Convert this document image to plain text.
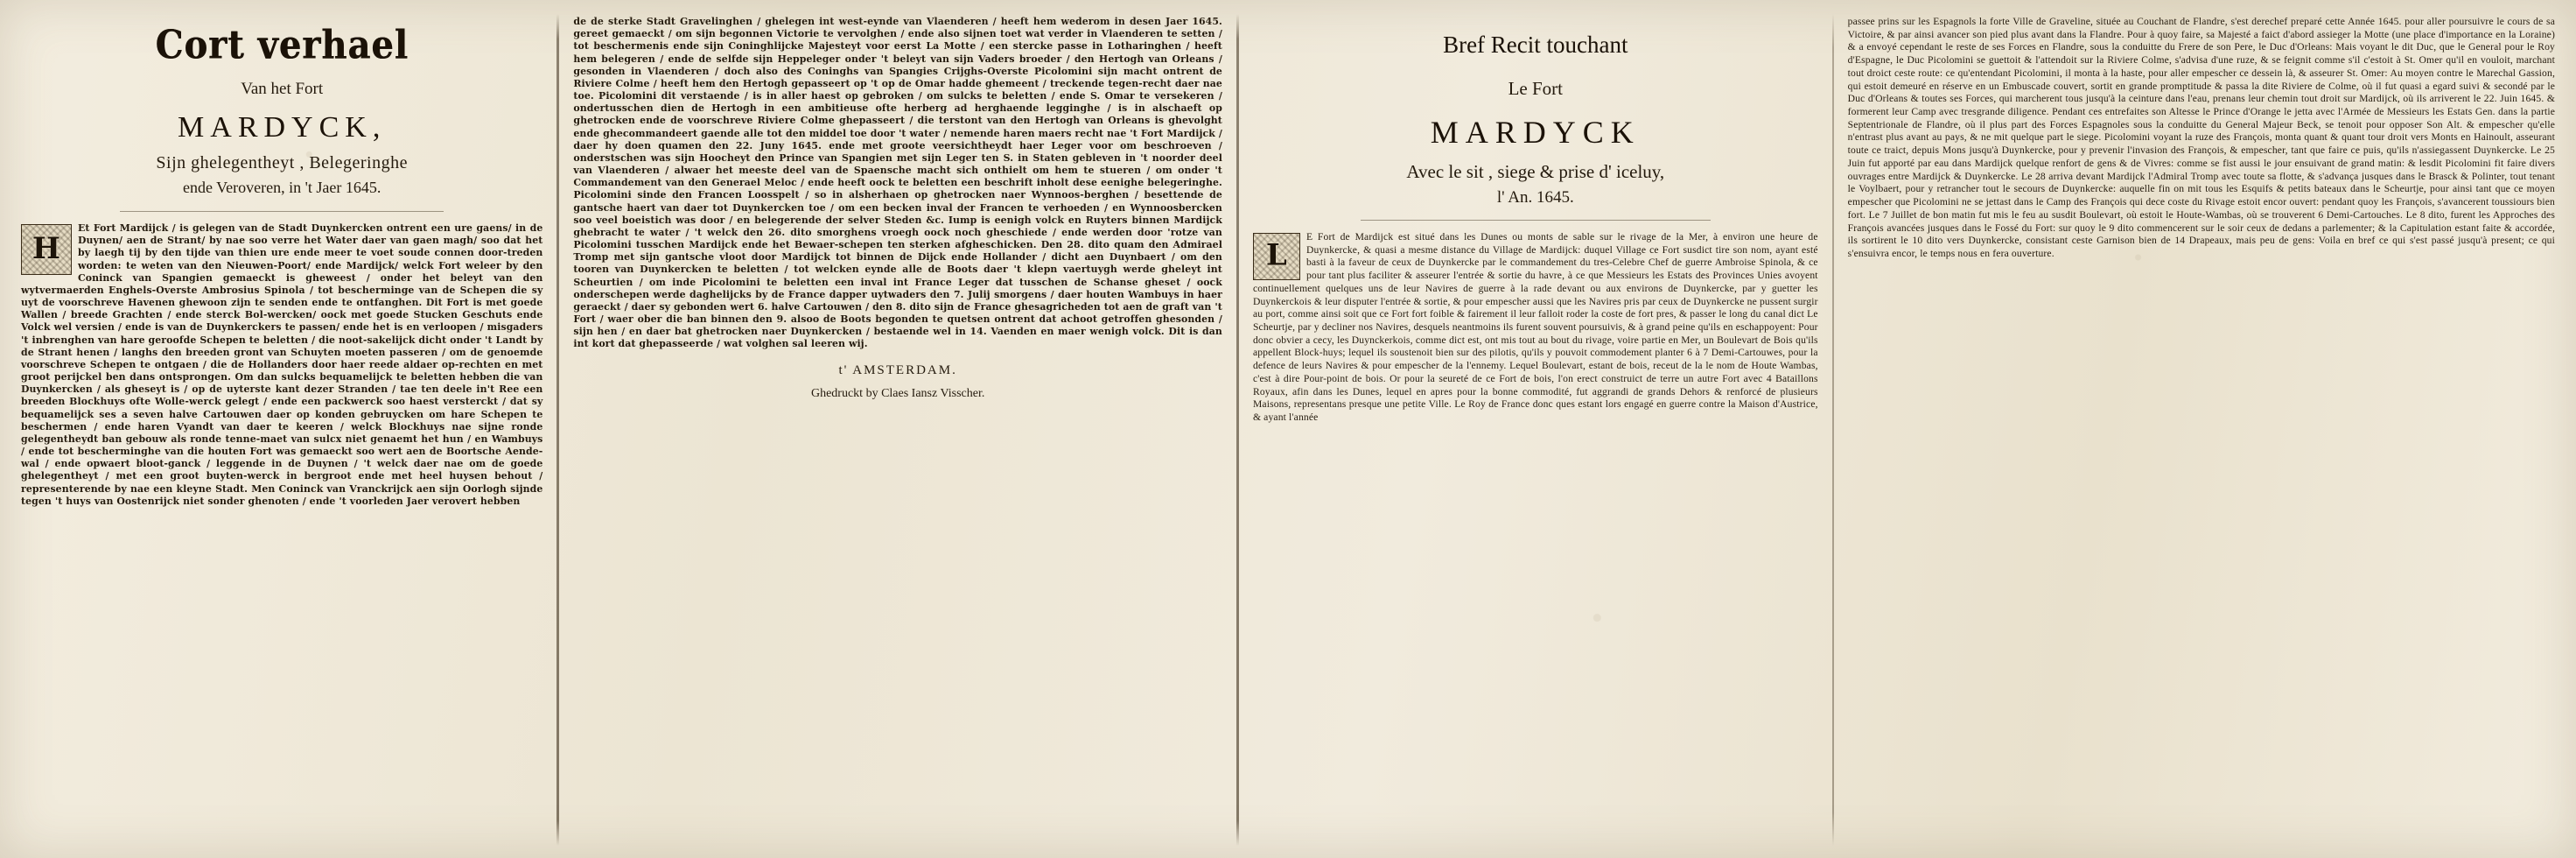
Cort verhael
Van het Fort
MARDYCK,
Sijn ghelegentheyt , Belegeringhe
ende Veroveren, in 't Jaer 1645.
H

Et Fort Mardijck / is gelegen van de Stadt Duynkercken ontrent een ure gaens/ in de Duynen/ aen de Strant/ by nae soo verre het Water daer van gaen magh/ soo dat het by laegh tij by den tijde van thien ure ende meer te voet soude connen door-treden worden: te weten van den Nieuwen-Poort/ ende Mardijck/ welck Fort weleer by den Coninck van Spangien gemaeckt is gheweest / onder het beleyt van den wytvermaerden Enghels-Overste Ambrosius Spinola / tot bescherminge van de Schepen die sy uyt de voorschreve Havenen ghewoon zijn te senden ende te ontfanghen. Dit Fort is met goede Wallen / breede Grachten / ende sterck Bol-wercken/ oock met goede Stucken Geschuts ende Volck wel versien / ende is van de Duynkerckers te passen/ ende het is en verloopen / misgaders 't inbrenghen van hare geroofde Schepen te beletten / die noot-sakelijck dicht onder 't Landt by de Strant henen / langhs den breeden gront van Schuyten moeten passeren / om de genoemde voorschreve Schepen te ontgaen / die de Hollanders door haer reede aldaer op-rechten en met groot perijckel ben dans ontsprongen. Om dan sulcks bequamelijck te beletten hebben die van Duynkercken / als gheseyt is / op de uyterste kant dezer Stranden / tae ten deele in't Ree een breeden Blockhuys ofte Wolle-werck gelegt / ende een packwerck soo haest versterckt / dat sy bequamelijck ses a seven halve Cartouwen daer op konden gebruycken om hare Schepen te beschermen / ende haren Vyandt van daer te keeren / welck Blockhuys nae sijne ronde gelegentheydt ban gebouw als ronde tenne-maet van sulcx niet genaemt het hun / en Wambuys / ende tot bescherminghe van die houten Fort was gemaeckt soo wert aen de Boortsche Aende-wal / ende opwaert bloot-ganck / leggende in de Duynen / 't welck daer nae om de goede ghelegentheyt / met een groot buyten-werck in bergroot ende met heel huysen behout / representerende by nae een kleyne Stadt. Men Coninck van Vranckrijck aen sijn Oorlogh sijnde tegen 't huys van Oostenrijck niet sonder ghenoten / ende 't voorleden Jaer verovert hebben

de de sterke Stadt Gravelinghen / ghelegen int west-eynde van Vlaenderen / heeft hem wederom in desen Jaer 1645. gereet gemaeckt / om sijn begonnen Victorie te vervolghen / ende also sijnen toet wat verder in Vlaenderen te setten / tot beschermenis ende sijn Coninghlijcke Majesteyt voor eerst La Motte / een stercke passe in Lotharinghen / heeft hem belegeren / ende de selfde sijn Heppeleger onder 't beleyt van sijn Vaders broeder / den Hertogh van Orleans / gesonden in Vlaenderen / doch also des Coninghs van Spangies Crijghs-Overste Picolomini sijn macht ontrent de Riviere Colme / heeft hem den Hertogh gepasseert op 't op de Omar hadde ghemeent / treckende tegen-recht daer nae toe. Picolomini dit verstaende / is in aller haest op gebroken / om sulcks te beletten / ende S. Omar te versekeren / ondertusschen dien de Hertogh in een ambitieuse ofte herberg ad herghaende legginghe / is in alschaeft op ghetrocken ende de voorschreve Riviere Colme ghepasseert / die terstont van den Hertogh van Orleans is ghevolght ende ghecommandeert gaende alle tot den middel toe door 't water / nemende haren maers recht nae 't Fort Mardijck / daer hy doen quamen den 22. Juny 1645. ende met groote veersichtheydt haer Leger voor om beschroeven / onderstschen was sijn Hoocheyt den Prince van Spangien met sijn Leger ten S. in Staten gebleven in 't noorder deel van Vlaenderen / alwaer het meeste deel van de Spaensche macht sich onthielt om hem te stueren / om onder 't Commandement van den Generael Meloc / ende heeft oock te beletten een beschrift inholt dese eenighe belegeringhe. Picolomini sinde den Francen Loosspelt / so in alsherhaen op ghetrocken naer Wynnoos-berghen / besettende de gantsche haert van daer tot Duynkercken toe / om een becken inval der Francen te verhoeden / en Wynnoosbercken soo veel boeistich was door / en belegerende der selver Steden &c. Iump is eenigh volck en Ruyters binnen Mardijck ghebracht te water / 't welck den 26. dito smorghens vroegh oock noch gheschiede / ende werden door 'rotze van Picolomini tusschen Mardijck ende het Bewaer-schepen ten sterken afgheschicken. Den 28. dito quam den Admirael Tromp met sijn gantsche vloot door Mardijck tot binnen de Dijck ende Hollander / dicht aen Duynbaert / om den tooren van Duynkercken te beletten / tot welcken eynde alle de Boots daer 't klepn vaertuygh werde gheleyt int Scheurtien / om inde Picolomini te beletten een inval int France Leger dat tusschen de Schanse gheset / oock onderschepen werde daghelijcks by de France dapper uytwaders den 7. Julij smorgens / daer houten Wambuys in haer geraeckt / daer sy gebonden wert 6. halve Cartouwen / den 8. dito sijn de France ghesagricheden tot aen de graft van 't Fort / waer ober die ban binnen den 9. alsoo de Boots begonden te quetsen ontrent dat achoot getroffen ghesonden / sijn hen / en daer bat ghetrocken naer Duynkercken / bestaende wel in 14. Vaenden en maer wenigh volck. Dit is dan int kort dat ghepasseerde / wat volghen sal leeren wij.

t' AMSTERDAM.
Ghedruckt by Claes Iansz Visscher.
Bref Recit touchant
Le Fort
MARDYCK
Avec le sit , siege & prise d' iceluy,
l' An. 1645.
L

E Fort de Mardijck est situé dans les Dunes ou monts de sable sur le rivage de la Mer, à environ une heure de Duynkercke, & quasi a mesme distance du Village de Mardijck: duquel Village ce Fort susdict tire son nom, ayant esté basti à la faveur de ceux de Duynkercke par le commandement du tres-Celebre Chef de guerre Ambroise Spinola, & ce pour tant plus faciliter & asseurer l'entrée & sortie du havre, à ce que Messieurs les Estats des Provinces Unies avoyent continuellement quelques uns de leur Navires de guerre à la rade devant ou aux environs de Duynkercke, par y guetter les Duynkerckois & leur disputer l'entrée & sortie, & pour empescher aussi que les Navires pris par ceux de Duynkercke ne pussent surgir au port, comme ainsi soit que ce Fort fort foible & fairement il leur falloit roder la coste de fort pres, & passer le long du canal dict Le Scheurtje, par y decliner nos Navires, desquels neantmoins ils furent souvent poursuivis, & à grand peine qu'ils en eschappoyent: Pour donc obvier a cecy, les Duynckerkois, comme dict est, ont mis tout au bout du rivage, voire partie en Mer, un Boulevart de Bois qu'ils appellent Block-huys; lequel ils soustenoit bien sur des pilotis, qu'ils y pouvoit commodement planter 6 à 7 Demi-Cartouwes, pour la defence de leurs Navires & pour empescher de la l'ennemy. Lequel Boulevart, estant de bois, receut de la le nom de Houte Wambas, c'est à dire Pour-point de bois. Or pour la seureté de ce Fort de bois, l'on erect construict de terre un autre Fort avec 4 Bataillons Royaux, afin dans les Dunes, lequel en apres pour la bonne commodité, fut aggrandi de grands Dehors & renforcé de plusieurs Maisons, representans presque une petite Ville. Le Roy de France donc ques estant lors engagé en guerre contre la Maison d'Austrice, & ayant l'année

passee prins sur les Espagnols la forte Ville de Graveline, située au Couchant de Flandre, s'est derechef preparé cette Année 1645. pour aller poursuivre le cours de sa Victoire, & par ainsi avancer son pied plus avant dans la Flandre. Pour à quoy faire, sa Majesté a faict d'abord assieger la Motte (une place d'importance en la Loraine) & a envoyé cependant le reste de ses Forces en Flandre, sous la conduitte du Frere de son Pere, le Duc d'Orleans: Mais voyant le dit Duc, que le General pour le Roy d'Espagne, le Duc Picolomini se guettoit & l'attendoit sur la Riviere Colme, s'advisa d'une ruze, & se feignit comme s'il c'estoit à St. Omer qu'il en vouloit, marchant tout droict ceste route: ce qu'entendant Picolomini, il monta à la haste, pour aller empescher ce dessein là, & asseurer St. Omer: Au moyen contre le Marechal Gassion, qui estoit demeuré en réserve en un Embuscade couvert, sortit en grande promptitude & passa la dite Riviere de Colme, où il fut quasi a egard suivi & secondé par le Duc d'Orleans & toutes ses Forces, qui marcherent tous jusqu'à la ceinture dans l'eau, prenans leur chemin tout droit sur Mardijck, où ils arriverent le 22. Juin 1645. & formerent leur Camp avec tresgrande diligence. Pendant ces entrefaites son Altesse le Prince d'Orange le jetta avec l'Armée de Messieurs les Estats Gen. dans la partie Septentrionale de Flandre, où il plus part des Forces Espagnoles sous la conduitte du General Majeur Beck, se tenoit pour opposer Son Alt. & empescher qu'elle n'entrast plus avant au pays, & ne mit quelque part le siege. Picolomini voyant la ruze des François, monta quant & quant tour droit vers Monts en Hainoult, asseurant toute ce traict, depuis Mons jusqu'à Duynkercke, pour y prevenir l'invasion des François, & empescher, tant que faire ce puis, qu'ils n'assiegassent Duynkercke. Le 25 Juin fut apporté par eau dans Mardijck quelque renfort de gens & de Vivres: comme se fist aussi le jour ensuivant de grand matin: & lesdit Picolomini fit faire divers ouvrages entre Mardijck & Duynkercke. Le 28 arriva devant Mardijck l'Admiral Tromp avec toute sa flotte, & s'advança jusques dans le Brasck & Polinter, tout tenant le Voylbaert, pour y retrancher tout le secours de Duynkercke: auquelle fin on mit tous les Esquifs & petits bateaux dans le Scheurtje, pour ainsi tant que ce moyen empescher que Picolomini ne se jettast dans le Camp des François qui dece coste du Rivage estoit encor ouvert: pendant quoy les François, s'avancerent toussiours bien fort. Le 7 Juillet de bon matin fut mis le feu au susdit Boulevart, où estoit le Houte-Wambas, où se trouverent 6 Demi-Cartouches. Le 8 dito, furent les Approches des François avancées jusques dans le Fossé du Fort: sur quoy le 9 dito commencerent sur le soir ceux de dedans a parlementer; & la Capitulation estant faite & accordée, ils sortirent le 10 dito vers Duynkercke, consistant ceste Garnison bien de 14 Drapeaux, mais peu de gens: Voila en bref ce qui s'est passé jusqu'à present; ce qui s'ensuivra encor, le temps nous en fera ouverture.
